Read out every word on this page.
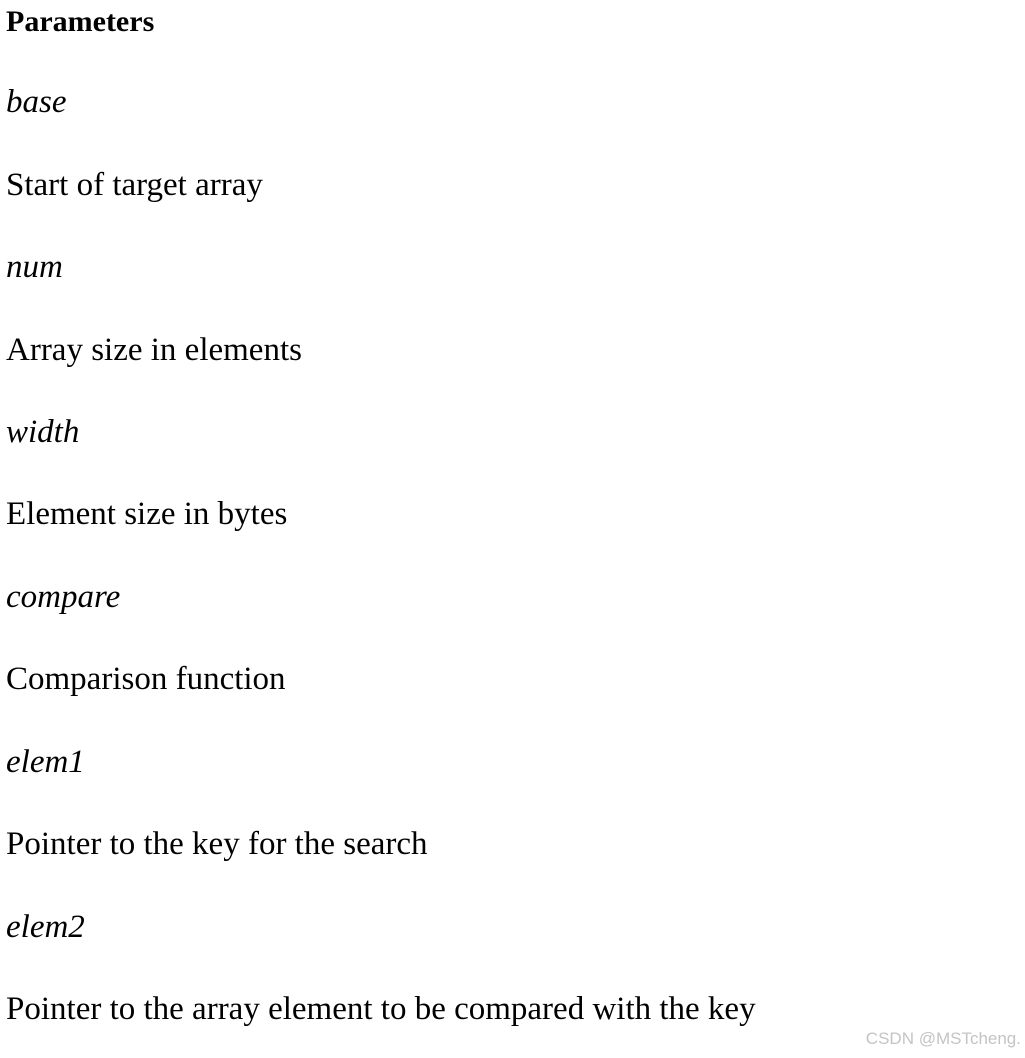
Parameters

base

Start of target array

num

Array size in elements

width

Element size in bytes

compare

Comparison function

elem1

Pointer to the key for the search

elem2

Pointer to the array element to be compared with the key

CSDN @MSTcheng.
